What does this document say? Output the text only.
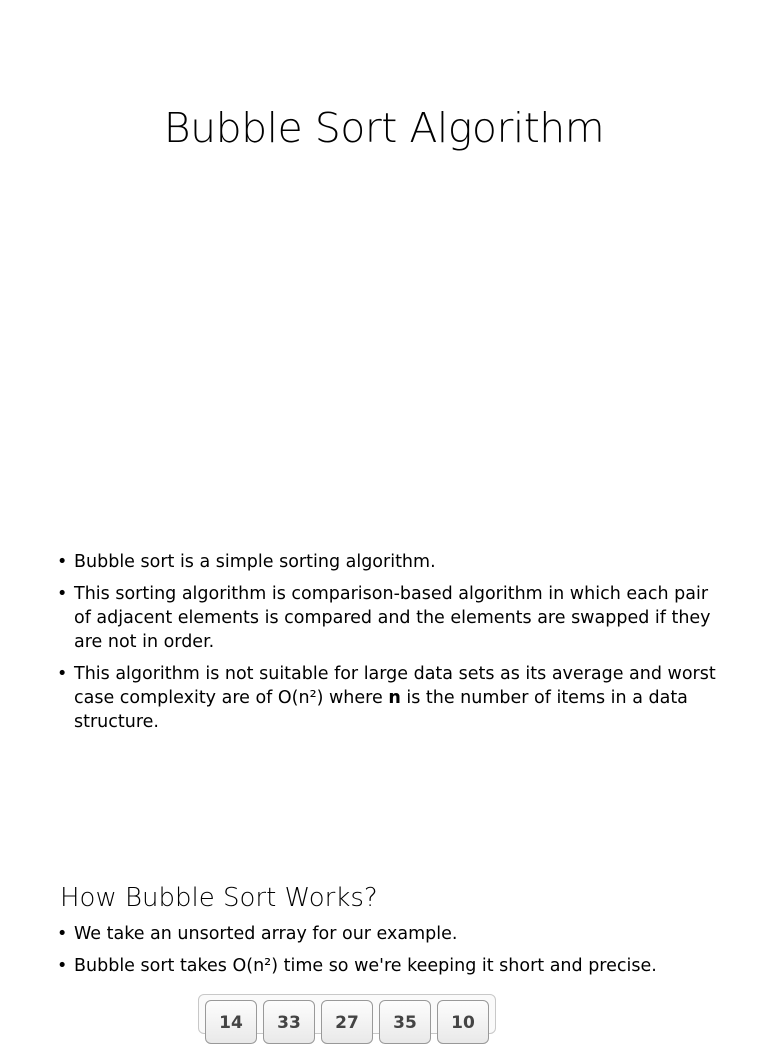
Bubble Sort Algorithm
• Bubble sort is a simple sorting algorithm.
• This sorting algorithm is comparison-based algorithm in which each pair of adjacent elements is compared and the elements are swapped if they are not in order.
• This algorithm is not suitable for large data sets as its average and worst case complexity are of O(n²) where n is the number of items in a data structure.
How Bubble Sort Works?
• We take an unsorted array for our example.
• Bubble sort takes O(n²) time so we're keeping it short and precise.
14	33	27	35	10
